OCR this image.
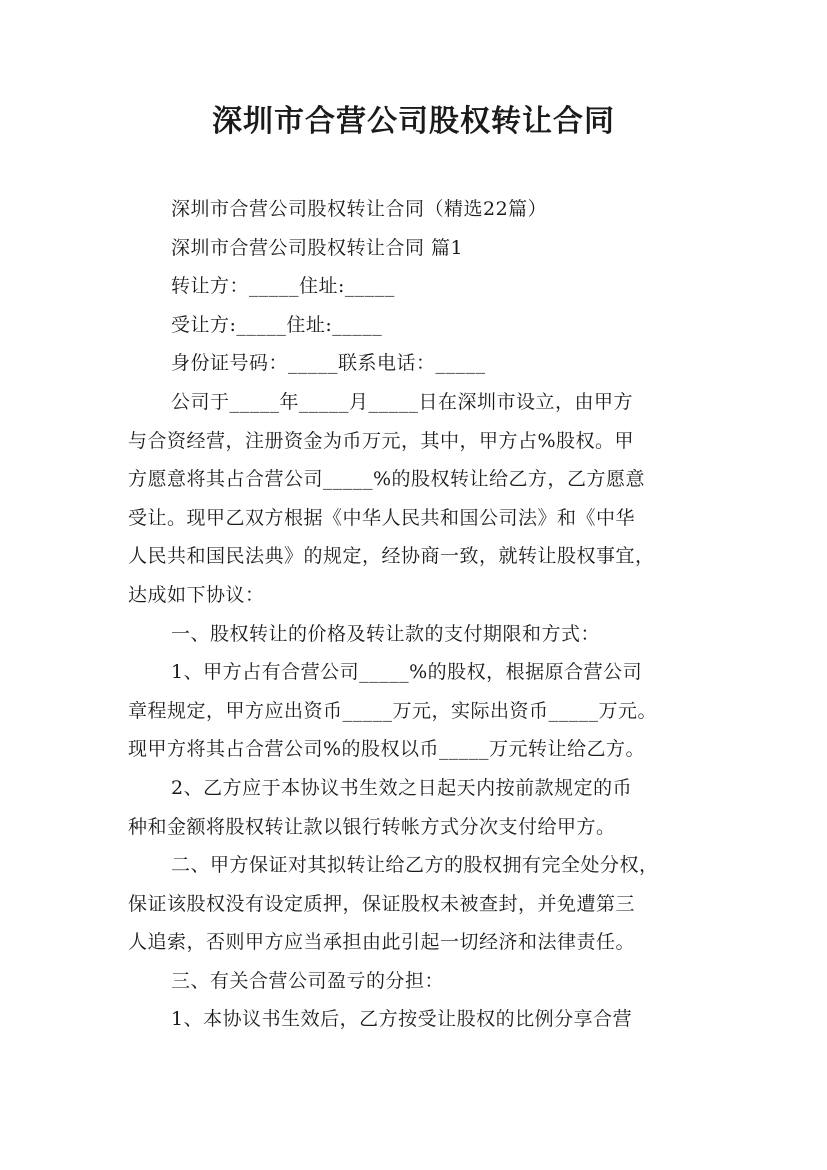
深圳市合营公司股权转让合同
深圳市合营公司股权转让合同（精选22篇）
深圳市合营公司股权转让合同 篇1
转让方：_____住址:_____
受让方:_____住址:_____
身份证号码：_____联系电话：_____
公司于_____年_____月_____日在深圳市设立，由甲方
与合资经营，注册资金为币万元，其中，甲方占%股权。甲
方愿意将其占合营公司_____%的股权转让给乙方，乙方愿意
受让。现甲乙双方根据《中华人民共和国公司法》和《中华
人民共和国民法典》的规定，经协商一致，就转让股权事宜，
达成如下协议：
一、股权转让的价格及转让款的支付期限和方式：
1、甲方占有合营公司_____%的股权，根据原合营公司
章程规定，甲方应出资币_____万元，实际出资币_____万元。
现甲方将其占合营公司%的股权以币_____万元转让给乙方。
2、乙方应于本协议书生效之日起天内按前款规定的币
种和金额将股权转让款以银行转帐方式分次支付给甲方。
二、甲方保证对其拟转让给乙方的股权拥有完全处分权，
保证该股权没有设定质押，保证股权未被查封，并免遭第三
人追索，否则甲方应当承担由此引起一切经济和法律责任。
三、有关合营公司盈亏的分担：
1、本协议书生效后，乙方按受让股权的比例分享合营
